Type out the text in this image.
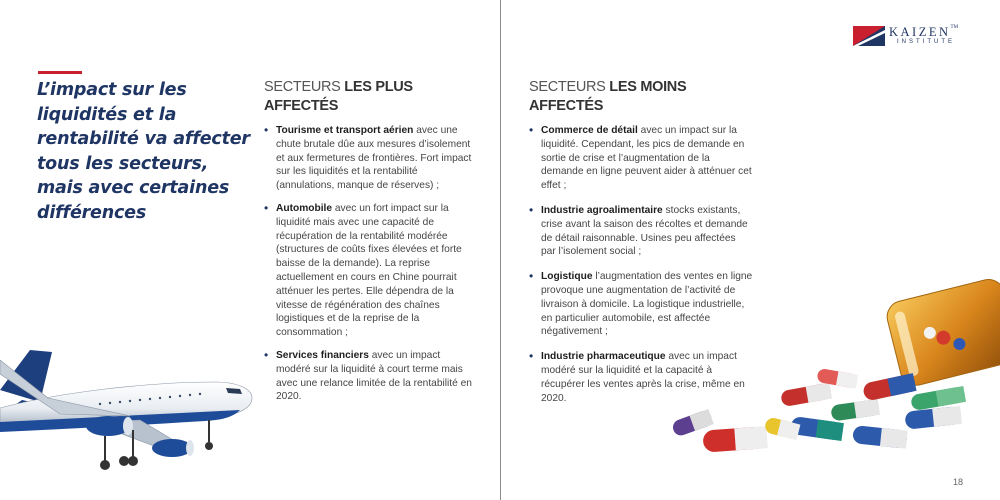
L’impact sur les liquidités et la rentabilité va affecter tous les secteurs, mais avec certaines différences
SECTEURS LES PLUS AFFECTÉS
• Tourisme et transport aérien avec une chute brutale dûe aux mesures d’isolement et aux fermetures de frontières. Fort impact sur les liquidités et la rentabilité (annulations, manque de réserves) ;
• Automobile avec un fort impact sur la liquidité mais avec une capacité de récupération de la rentabilité modérée (structures de coûts fixes élevées et forte baisse de la demande). La reprise actuellement en cours en Chine pourrait atténuer les pertes. Elle dépendra de la vitesse de régénération des chaînes logistiques et de la reprise de la consommation ;
• Services financiers avec un impact modéré sur la liquidité à court terme mais avec une relance limitée de la rentabilité en 2020.
KAIZEN™
INSTITUTE
SECTEURS LES MOINS AFFECTÉS
• Commerce de détail avec un impact sur la liquidité. Cependant, les pics de demande en sortie de crise et l’augmentation de la demande en ligne peuvent aider à atténuer cet effet ;
• Industrie agroalimentaire stocks existants, crise avant la saison des récoltes et demande de détail raisonnable. Usines peu affectées par l’isolement social ;
• Logistique l’augmentation des ventes en ligne provoque une augmentation de l’activité de livraison à domicile. La logistique industrielle, en particulier automobile, est affectée négativement ;
• Industrie pharmaceutique avec un impact modéré sur la liquidité et la capacité à récupérer les ventes après la crise, même en 2020.
18
